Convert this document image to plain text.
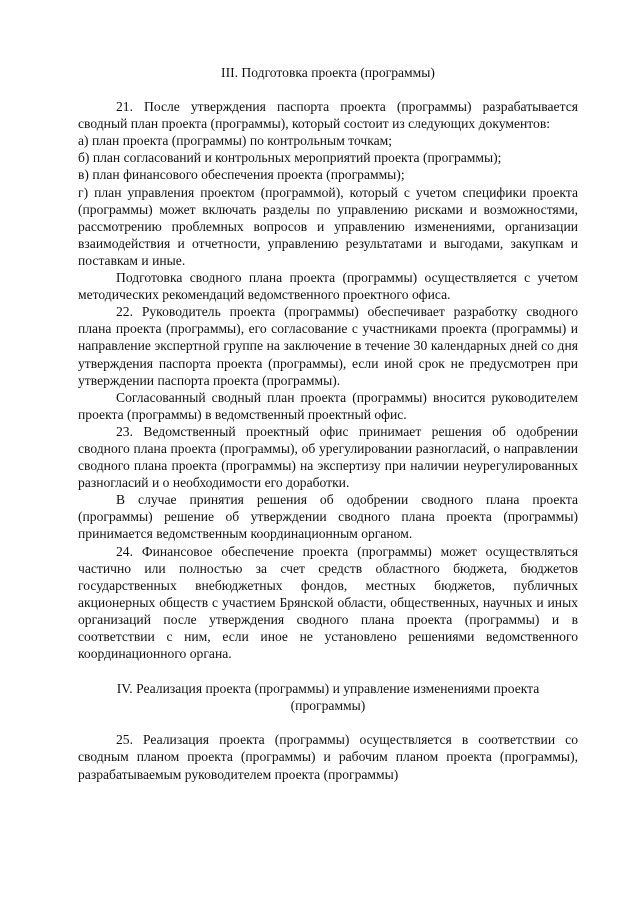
III. Подготовка проекта (программы)

21. После утверждения паспорта проекта (программы) разрабатывается сводный план проекта (программы), который состоит из следующих документов:

а) план проекта (программы) по контрольным точкам;

б) план согласований и контрольных мероприятий проекта (программы);

в) план финансового обеспечения проекта (программы);

г) план управления проектом (программой), который с учетом специфики проекта (программы) может включать разделы по управлению рисками и возможностями, рассмотрению проблемных вопросов и управлению изменениями, организации взаимодействия и отчетности, управлению результатами и выгодами, закупкам и поставкам и иные.

Подготовка сводного плана проекта (программы) осуществляется с учетом методических рекомендаций ведомственного проектного офиса.

22. Руководитель проекта (программы) обеспечивает разработку сводного плана проекта (программы), его согласование с участниками проекта (программы) и направление экспертной группе на заключение в течение 30 календарных дней со дня утверждения паспорта проекта (программы), если иной срок не предусмотрен при утверждении паспорта проекта (программы).

Согласованный сводный план проекта (программы) вносится руководителем проекта (программы) в ведомственный проектный офис.

23. Ведомственный проектный офис принимает решения об одобрении сводного плана проекта (программы), об урегулировании разногласий, о направлении сводного плана проекта (программы) на экспертизу при наличии неурегулированных разногласий и о необходимости его доработки.

В случае принятия решения об одобрении сводного плана проекта (программы) решение об утверждении сводного плана проекта (программы) принимается ведомственным координационным органом.

24. Финансовое обеспечение проекта (программы) может осуществляться частично или полностью за счет средств областного бюджета, бюджетов государственных внебюджетных фондов, местных бюджетов, публичных акционерных обществ с участием Брянской области, общественных, научных и иных организаций после утверждения сводного плана проекта (программы) и в соответствии с ним, если иное не установлено решениями ведомственного координационного органа.

IV. Реализация проекта (программы) и управление изменениями проекта (программы)

25. Реализация проекта (программы) осуществляется в соответствии со сводным планом проекта (программы) и рабочим планом проекта (программы), разрабатываемым руководителем проекта (программы)
